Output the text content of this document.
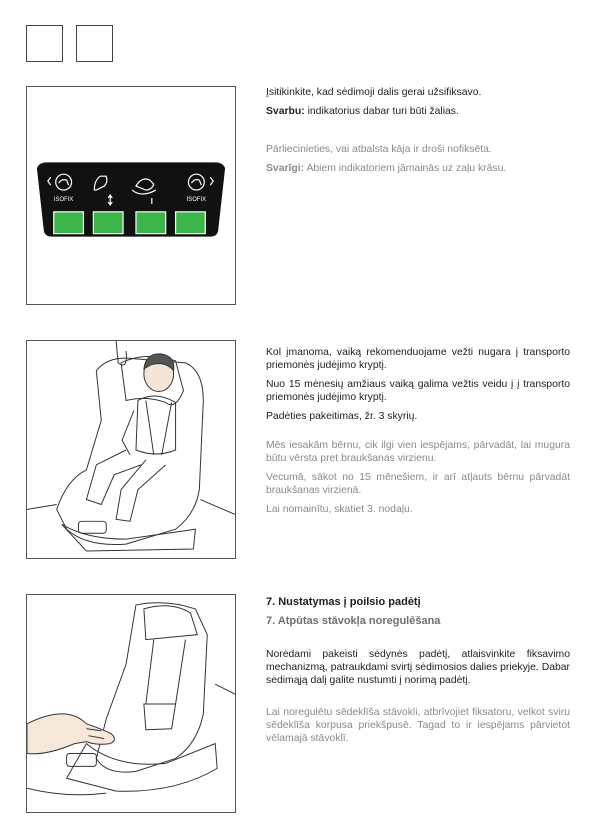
ISOFIX	ISOFIX

Įsitikinkite, kad sėdimoji dalis gerai užsifiksavo.

Svarbu: indikatorius dabar turi būti žalias.

Pārliecinieties, vai atbalsta kāja ir droši nofiksēta.

Svarīgi: Abiem indikatoriem jāmainās uz zaļu krāsu.

Kol įmanoma, vaiką rekomenduojame vežti nugara į transporto priemonės judėjimo kryptį.

Nuo 15 mėnesių amžiaus vaiką galima vežtis veidu į į transporto priemonės judėjimo kryptį.

Padėties pakeitimas, žr. 3 skyrių.

Mēs iesakām bērnu, cik ilgi vien iespējams, pārvadāt, lai mugura būtu vērsta pret braukšanas virzienu.

Vecumā, sākot no 15 mēnešiem, ir arī atļauts bērnu pārvadāt braukšanas virzienā.

Lai nomainītu, skatiet 3. nodaļu.

7. Nustatymas į poilsio padėtį

7. Atpūtas stāvokļa noregulēšana

Norėdami pakeisti sėdynės padėtį, atlaisvinkite fiksavimo mechanizmą, patraukdami svirtį sėdimosios dalies priekyje. Dabar sėdimąją dalį galite nustumti į norimą padėtį.

Lai noregulētu sēdeklīša stāvokli, atbrīvojiet fiksatoru, velkot sviru sēdeklīša korpusa priekšpusē. Tagad to ir iespējams pārvietot vēlamajā stāvoklī.
